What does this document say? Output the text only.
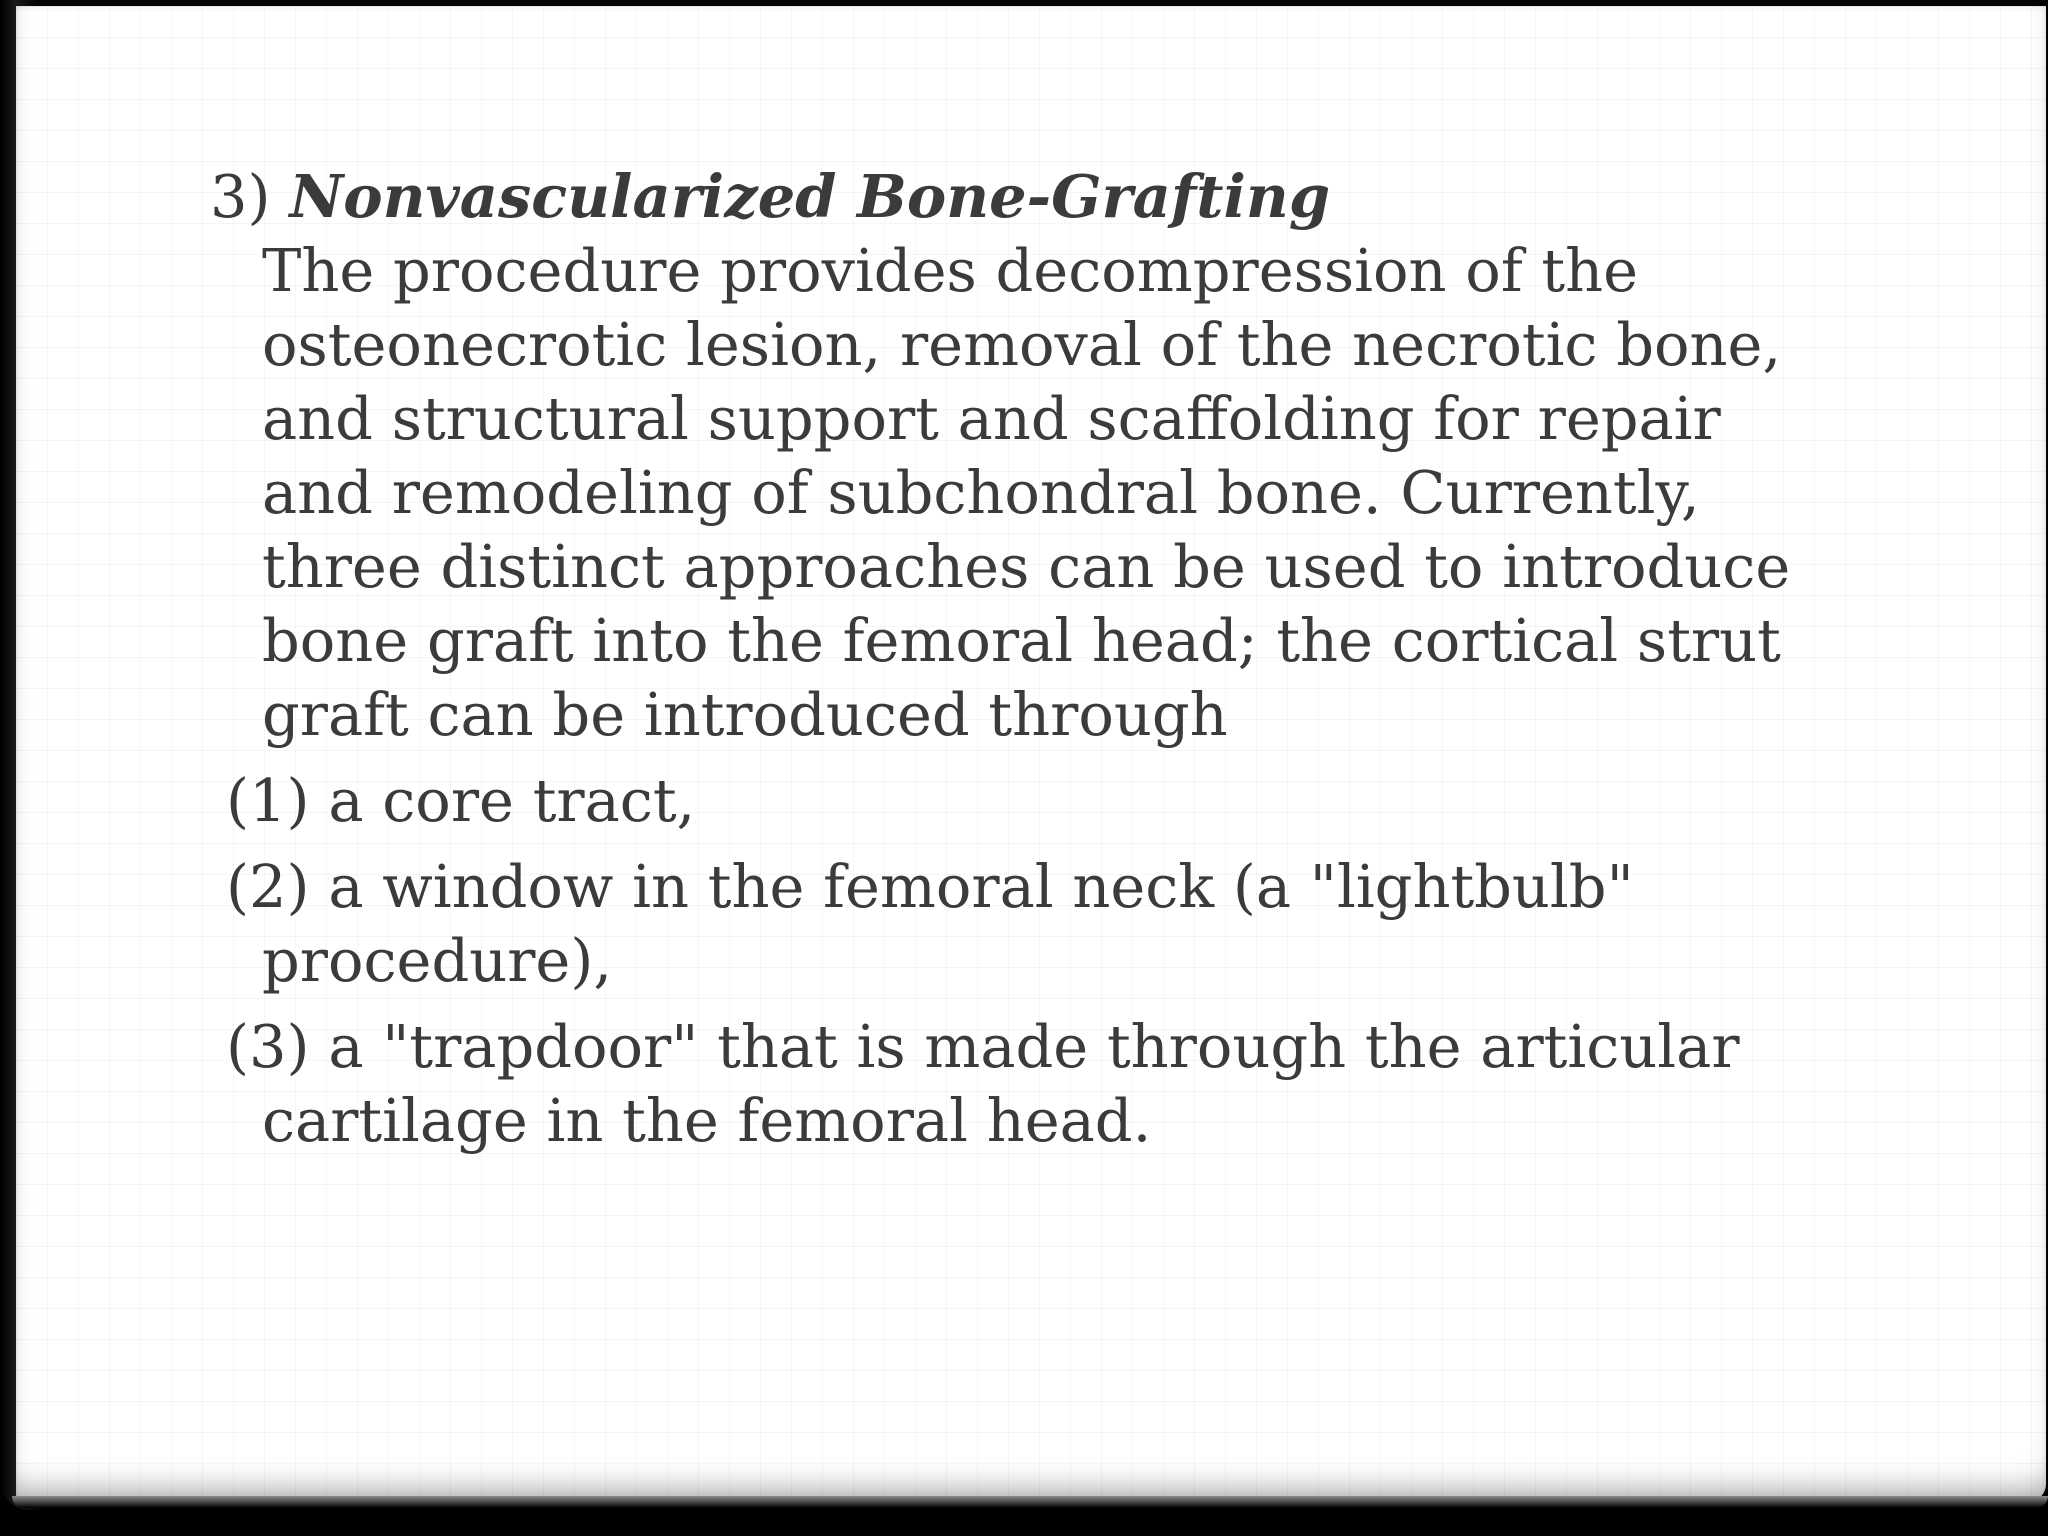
3) Nonvascularized Bone-Grafting

The procedure provides decompression of the osteonecrotic lesion, removal of the necrotic bone, and structural support and scaffolding for repair and remodeling of subchondral bone. Currently, three distinct approaches can be used to introduce bone graft into the femoral head; the cortical strut graft can be introduced through

(1) a core tract,

(2) a window in the femoral neck (a "lightbulb" procedure),

(3) a "trapdoor" that is made through the articular cartilage in the femoral head.
